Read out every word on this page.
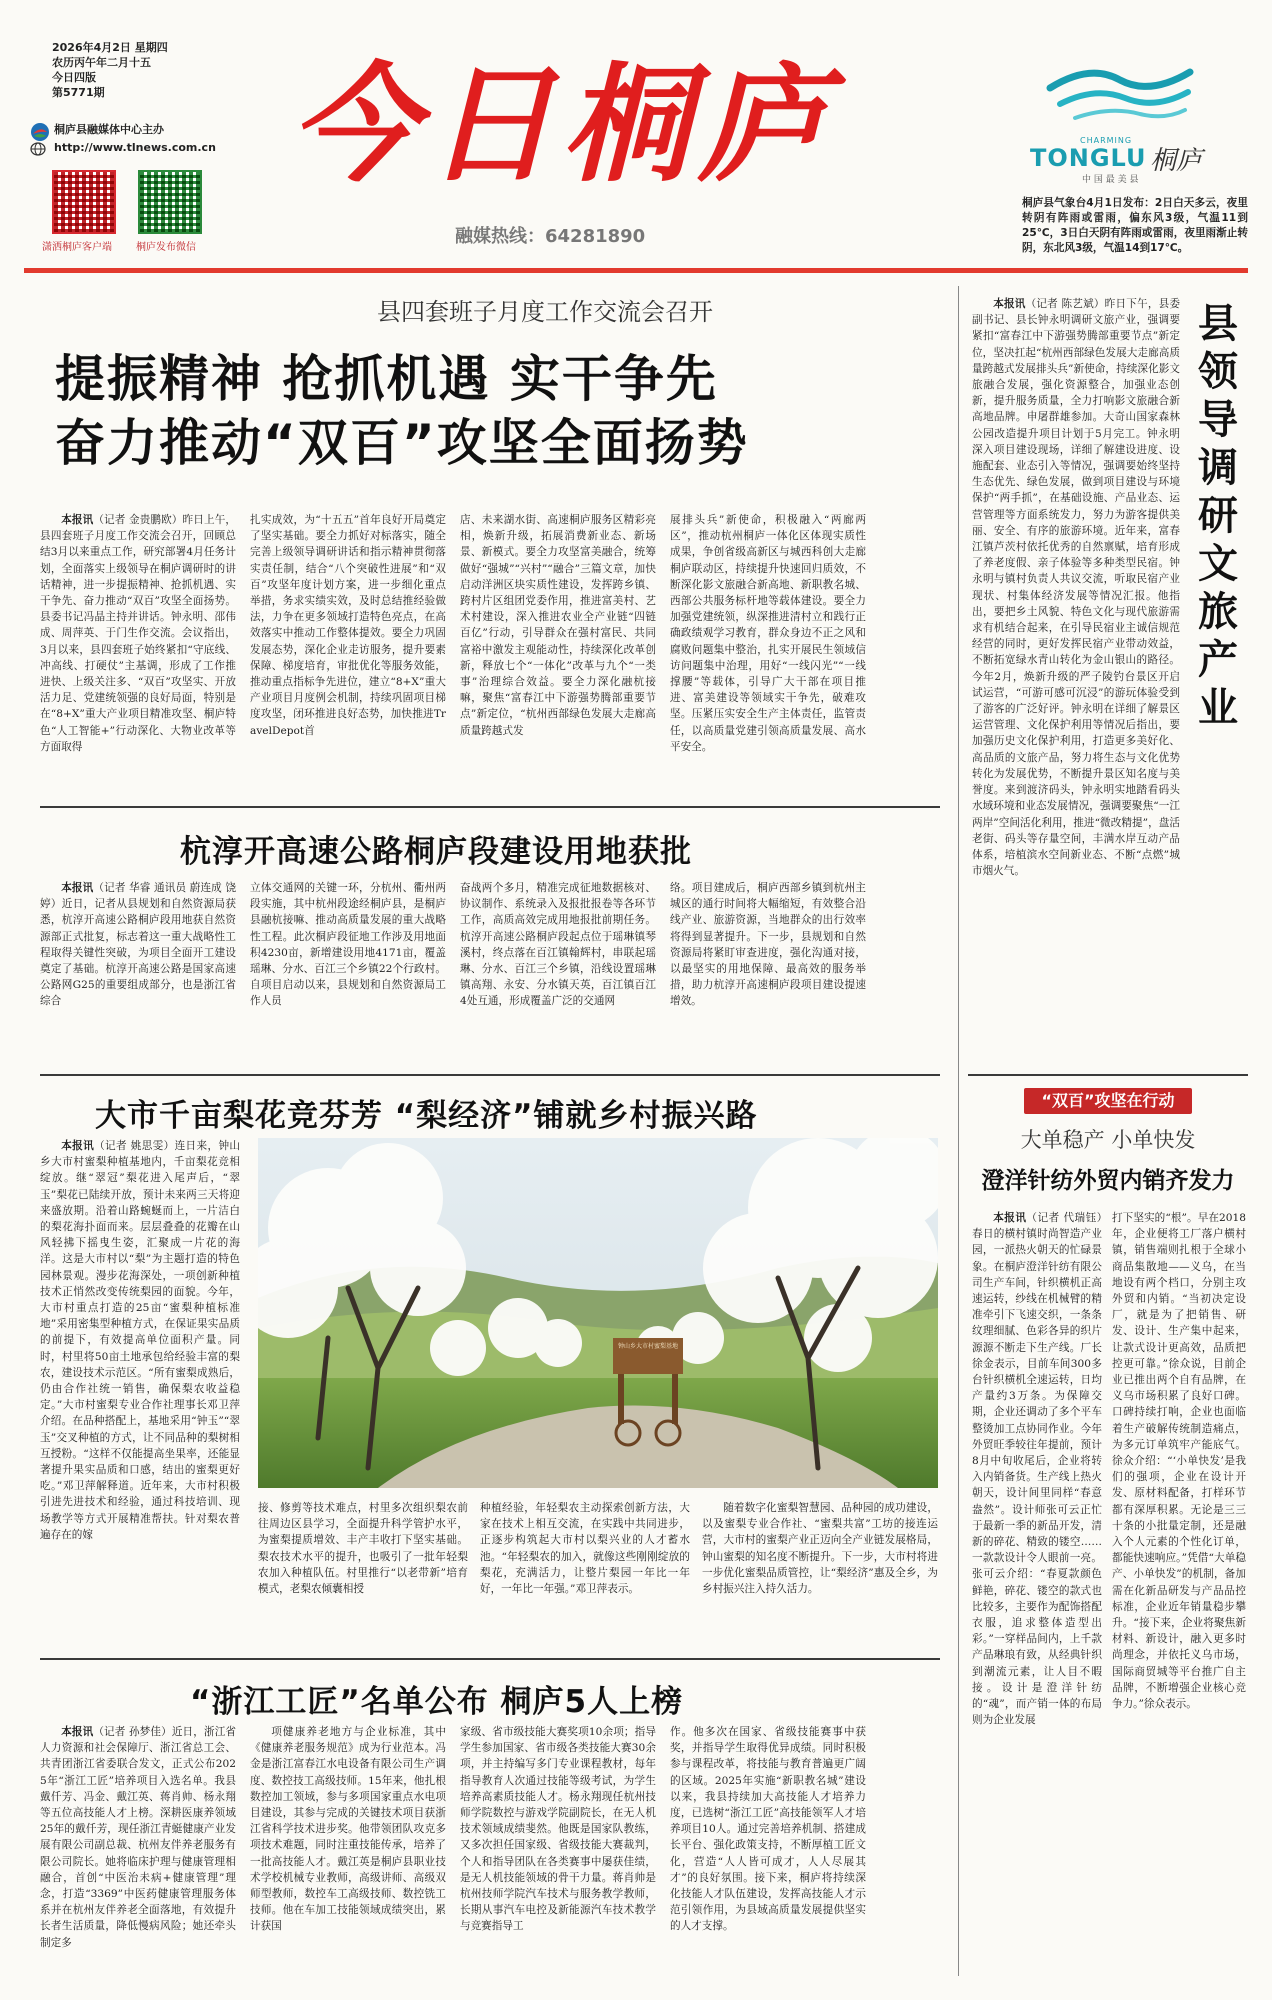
2026年4月2日 星期四
农历丙午年二月十五
今日四版
第5771期
桐庐县融媒体中心主办
http://www.tlnews.com.cn
潇洒桐庐客户端 桐庐发布微信
今日桐庐
融媒热线：64281890
CHARMING
TONGLU 桐庐
中 国 最 美 县
桐庐县气象台4月1日发布：2日白天多云，夜里转阴有阵雨或雷雨，偏东风3级，气温11到25℃，3日白天阴有阵雨或雷雨，夜里雨渐止转阴，东北风3级，气温14到17℃。
县四套班子月度工作交流会召开
提振精神 抢抓机遇 实干争先
奋力推动“双百”攻坚全面扬势

本报讯（记者 金贵鹏欧）昨日上午，县四套班子月度工作交流会召开，回顾总结3月以来重点工作，研究部署4月任务计划，全面落实上级领导在桐庐调研时的讲话精神，进一步提振精神、抢抓机遇、实干争先、奋力推动“双百”攻坚全面扬势。县委书记冯晶主持并讲话。钟永明、邵伟成、周萍英、于门生作交流。会议指出，3月以来，县四套班子始终紧扣“守底线、冲高线、打硬仗”主基调，形成了工作推进快、上级关注多、“双百”攻坚实、开放活力足、党建统领强的良好局面，特别是在“8+X”重大产业项目精准攻坚、桐庐特色“人工智能+”行动深化、大物业改革等方面取得

扎实成效，为“十五五”首年良好开局奠定了坚实基础。要全力抓好对标落实，随全完善上级领导调研讲话和指示精神贯彻落实责任制，结合“八个突破性进展”和“双百”攻坚年度计划方案，进一步细化重点举措，务求实绩实效，及时总结推经验做法，力争在更多领域打造特色亮点，在高效落实中推动工作整体提效。要全力巩固发展态势，深化企业走访服务，提升要素保障、梯度培育，审批优化等服务效能，推动重点指标争先进位，建立“8+X”重大产业项目月度例会机制，持续巩固项目梯度攻坚，闭环推进良好态势，加快推进TravelDepot首
店、未来湖水街、高速桐庐服务区精彩亮相，焕新升级，拓展消费新业态、新场景、新模式。要全力攻坚富美融合，统筹做好“强城”“兴村”“融合”三篇文章，加快启动洋洲区块实质性建设，发挥跨乡镇、跨村片区组团党委作用，推进富美村、艺术村建设，深入推进农业全产业链“四链百亿”行动，引导群众在强村富民、共同富裕中激发主观能动性，持续深化改革创新，释放七个“一体化”改革与九个“一类事”治理综合效益。要全力深化融杭接嘛，聚焦“富春江中下游强势腾部重要节点”新定位，“杭州西部绿色发展大走廊高质量跨越式发
展排头兵”新使命，积极融入“两廊两区”，推动杭州桐庐一体化区体现实质性成果，争创省级高新区与城西科创大走廊桐庐联动区，持续提升快速回归质效，不断深化影文旅融合新高地、新职教名城、西部公共服务标杆地等载体建设。要全力加强党建统领，纵深推进清村立和践行正确政绩观学习教育，群众身边不正之风和腐败问题集中整治，扎实开展民生领域信访问题集中治理，用好“一线闪光”“一线撑腰”等载体，引导广大干部在项目推进、富美建设等领域实干争先，破难攻坚。压紧压实安全生产主体责任，监管责任，以高质量党建引领高质量发展、高水平安全。
杭淳开高速公路桐庐段建设用地获批

本报讯（记者 华睿 通讯员 蔚连成 饶婷）近日，记者从县规划和自然资源局获悉，杭淳开高速公路桐庐段用地获自然资源部正式批复，标志着这一重大战略性工程取得关键性突破，为项目全面开工建设奠定了基础。杭淳开高速公路是国家高速公路网G25的重要组成部分，也是浙江省综合

立体交通网的关键一环，分杭州、衢州两段实施，其中杭州段途经桐庐县，是桐庐县融杭接嘛、推动高质量发展的重大战略性工程。此次桐庐段征地工作涉及用地面积4230亩，新增建设用地4171亩，覆盖瑶琳、分水、百江三个乡镇22个行政村。自项目启动以来，县规划和自然资源局工作人员
奋战两个多月，精准完成征地数据核对、协议制作、系统录入及报批报卷等各环节工作，高质高效完成用地报批前期任务。杭淳开高速公路桐庐段起点位于瑶琳镇琴溪村，终点落在百江镇翰辉村，串联起瑶琳、分水、百江三个乡镇，沿线设置瑶琳镇高翔、永安、分水镇天英，百江镇百江4处互通，形成覆盖广泛的交通网
络。项目建成后，桐庐西部乡镇到杭州主城区的通行时间将大幅缩短，有效整合沿线产业、旅游资源，当地群众的出行效率将得到显著提升。下一步，县规划和自然资源局将紧盯审查进度，强化沟通对接，以最坚实的用地保障、最高效的服务举措，助力杭淳开高速桐庐段项目建设提速增效。
大市千亩梨花竞芬芳 “梨经济”铺就乡村振兴路

本报讯（记者 姚思雯）连日来，钟山乡大市村蜜梨种植基地内，千亩梨花竞相绽放。继“翠冠”梨花进入尾声后，“翠玉”梨花已陆续开放，预计未来两三天将迎来盛放期。沿着山路蜿蜒而上，一片洁白的梨花海扑面而来。层层叠叠的花瓣在山风轻拂下摇曳生姿，汇聚成一片花的海洋。这是大市村以“梨”为主题打造的特色园林景观。漫步花海深处，一项创新种植技术正悄然改变传统梨园的面貌。今年，大市村重点打造的25亩“蜜梨种植标准地”采用密集型种植方式，在保证果实品质的前提下，有效提高单位面积产量。同时，村里将50亩土地承包给经验丰富的梨农，建设技术示范区。“所有蜜梨成熟后，仍由合作社统一销售，确保梨农收益稳定。”大市村蜜梨专业合作社理事长邓卫萍介绍。在品种搭配上，基地采用“钟玉”“翠玉”交叉种植的方式，让不同品种的梨树相互授粉。“这样不仅能提高坐果率，还能显著提升果实品质和口感，结出的蜜梨更好吃。”邓卫萍解释道。近年来，大市村积极引进先进技术和经验，通过科技培训、现场教学等方式开展精准帮扶。针对梨农普遍存在的嫁

钟山乡大市村蜜梨基地
接、修剪等技术难点，村里多次组织梨农前往周边区县学习，全面提升科学管护水平，为蜜梨提质增效、丰产丰收打下坚实基础。梨农技术水平的提升，也吸引了一批年轻梨农加入种植队伍。村里推行“以老带新”培育模式，老梨农倾囊相授
种植经验，年轻梨农主动探索创新方法，大家在技术上相互交流，在实践中共同进步，正逐步构筑起大市村以梨兴业的人才蓄水池。“年轻梨农的加入，就像这些刚刚绽放的梨花，充满活力，让整片梨园一年比一年好，一年比一年强。”邓卫萍表示。

随着数字化蜜梨智慧园、品种园的成功建设，以及蜜梨专业合作社、“蜜梨共富”工坊的接连运营，大市村的蜜梨产业正迈向全产业链发展格局，钟山蜜梨的知名度不断提升。下一步，大市村将进一步优化蜜梨品质管控，让“梨经济”惠及全乡，为乡村振兴注入持久活力。

“浙江工匠”名单公布 桐庐5人上榜

本报讯（记者 孙梦佳）近日，浙江省人力资源和社会保障厅、浙江省总工会、共青团浙江省委联合发文，正式公布2025年“浙江工匠”培养项目入选名单。我县戴仟芳、冯金、戴江英、蒋肖帅、杨永翔等五位高技能人才上榜。深耕医康养领域25年的戴仟芳，现任浙江青蜓健康产业发展有限公司副总裁、杭州友伴养老服务有限公司院长。她将临床护理与健康管理相融合，首创“中医治未病+健康管理”理念，打造“3369”中医药健康管理服务体系并在杭州友伴养老全面落地，有效提升长者生活质量，降低慢病风险；她还牵头制定多

项健康养老地方与企业标准，其中《健康养老服务规范》成为行业范本。冯金是浙江富春江水电设备有限公司生产调度、数控技工高级技师。15年来，他扎根数控加工领域，参与多项国家重点水电项目建设，其参与完成的关键技术项目获浙江省科学技术进步奖。他带领团队攻克多项技术难题，同时注重技能传承，培养了一批高技能人才。戴江英是桐庐县职业技术学校机械专业教师，高级讲师、高级双师型教师，数控车工高级技师、数控铣工技师。他在车加工技能领域成绩突出，累计获国

家级、省市级技能大赛奖项10余项；指导学生参加国家、省市级各类技能大赛30余项，并主持编写多门专业课程教材，每年指导教育人次通过技能等级考试，为学生培养高素质技能人才。杨永翔现任杭州技师学院数控与游戏学院副院长，在无人机技术领域成绩斐然。他既是国家队教练，又多次担任国家级、省级技能大赛裁判，个人和指导团队在各类赛事中屡获佳绩，是无人机技能领域的骨干力量。蒋肖帅是杭州技师学院汽车技术与服务教学教师，长期从事汽车电控及新能源汽车技术教学与竞赛指导工
作。他多次在国家、省级技能赛事中获奖，并指导学生取得优异成绩。同时积极参与课程改革，将技能与教育普遍更广阔的区域。2025年实施“新职教名城”建设以来，我县持续加大高技能人才培养力度，已选树“浙江工匠”高技能领军人才培养项目10人。通过完善培养机制、搭建成长平台、强化政策支持，不断厚植工匠文化，营造“人人皆可成才，人人尽展其才”的良好氛围。接下来，桐庐将持续深化技能人才队伍建设，发挥高技能人才示范引领作用，为县域高质量发展提供坚实的人才支撑。

本报讯（记者 陈艺斌）昨日下午，县委副书记、县长钟永明调研文旅产业，强调要紧扣“富春江中下游强势腾部重要节点”新定位，坚决扛起“杭州西部绿色发展大走廊高质量跨越式发展排头兵”新使命，持续深化影文旅融合发展，强化资源整合，加强业态创新，提升服务质量，全力打响影文旅融合新高地品牌。申屠群雄参加。大奇山国家森林公园改造提升项目计划于5月完工。钟永明深入项目建设现场，详细了解建设进度、设施配套、业态引入等情况，强调要始终坚持生态优先、绿色发展，做到项目建设与环境保护“两手抓”，在基础设施、产品业态、运营管理等方面系统发力，努力为游客提供美丽、安全、有序的旅游环境。近年来，富春江镇芦茨村依托优秀的自然禀赋，培育形成了养老度假、亲子体验等多种类型民宿。钟永明与镇村负责人共议交流，听取民宿产业现状、村集体经济发展等情况汇报。他指出，要把乡土风貌、特色文化与现代旅游需求有机结合起来，在引导民宿业主诚信规范经营的同时，更好发挥民宿产业带动效益，不断拓宽绿水青山转化为金山银山的路径。今年2月，焕新升级的严子陵钓台景区开启试运营，“可游可感可沉浸”的游玩体验受到了游客的广泛好评。钟永明在详细了解景区运营管理、文化保护利用等情况后指出，要加强历史文化保护利用，打造更多美好化、高品质的文旅产品，努力将生态与文化优势转化为发展优势，不断提升景区知名度与美誉度。来到渡济码头，钟永明实地踏看码头水域环境和业态发展情况，强调要聚焦“一江两岸”空间活化利用，推进“微改精提”，盘活老街、码头等存量空间，丰满水岸互动产品体系，培植滨水空间新业态、不断“点燃”城市烟火气。

县领导调研文旅产业
“双百”攻坚在行动
大单稳产 小单快发
澄洋针纺外贸内销齐发力

本报讯（记者 代瑞钰）春日的横村镇时尚智造产业园，一派热火朝天的忙碌景象。在桐庐澄洋针纺有限公司生产车间，针织横机正高速运转，纱线在机械臂的精准牵引下飞速交织，一条条纹理细腻、色彩各异的织片源源不断走下生产线。厂长徐金表示，目前车间300多台针织横机全速运转，日均产量约3万条。为保障交期，企业还调动了多个平车整烫加工点协同作业。今年外贸旺季较往年提前，预计8月中旬收尾后，企业将转入内销备货。生产线上热火朝天，设计间里同样“春意盎然”。设计师张可云正忙于最新一季的新品开发，清新的碎花、精致的镂空……一款款设计令人眼前一亮。张可云介绍：“春夏款颜色鲜艳，碎花、镂空的款式也比较多，主要作为配饰搭配衣服，追求整体造型出彩。”一穿样品间内，上千款产品琳琅有致，从经典针织到潮流元素，让人目不暇接。设计是澄洋针纺的“魂”，而产销一体的布局则为企业发展

打下坚实的“根”。早在2018年，企业便将工厂落户横村镇，销售端则扎根于全球小商品集散地——义乌，在当地设有两个档口，分别主攻外贸和内销。“当初决定设厂，就是为了把销售、研发、设计、生产集中起来，让款式设计更高效，品质把控更可靠。”徐众说，目前企业已推出两个自有品牌，在义乌市场积累了良好口碑。口碑持续打响，企业也面临着生产破解传统制造痛点，为多元订单筑牢产能底气。徐众介绍：“‘小单快发’是我们的强项，企业在设计开发、原材料配备，打样环节都有深厚积累。无论是三三十条的小批量定制，还是融入个人元素的个性化订单，都能快速响应。”凭借“大单稳产、小单快发”的机制，备加需在化新品研发与产品品控标准，企业近年销量稳步攀升。“接下来，企业将聚焦新材料、新设计，融入更多时尚理念，并依托义乌市场，国际商贸城等平台推广自主品牌，不断增强企业核心竞争力。”徐众表示。
